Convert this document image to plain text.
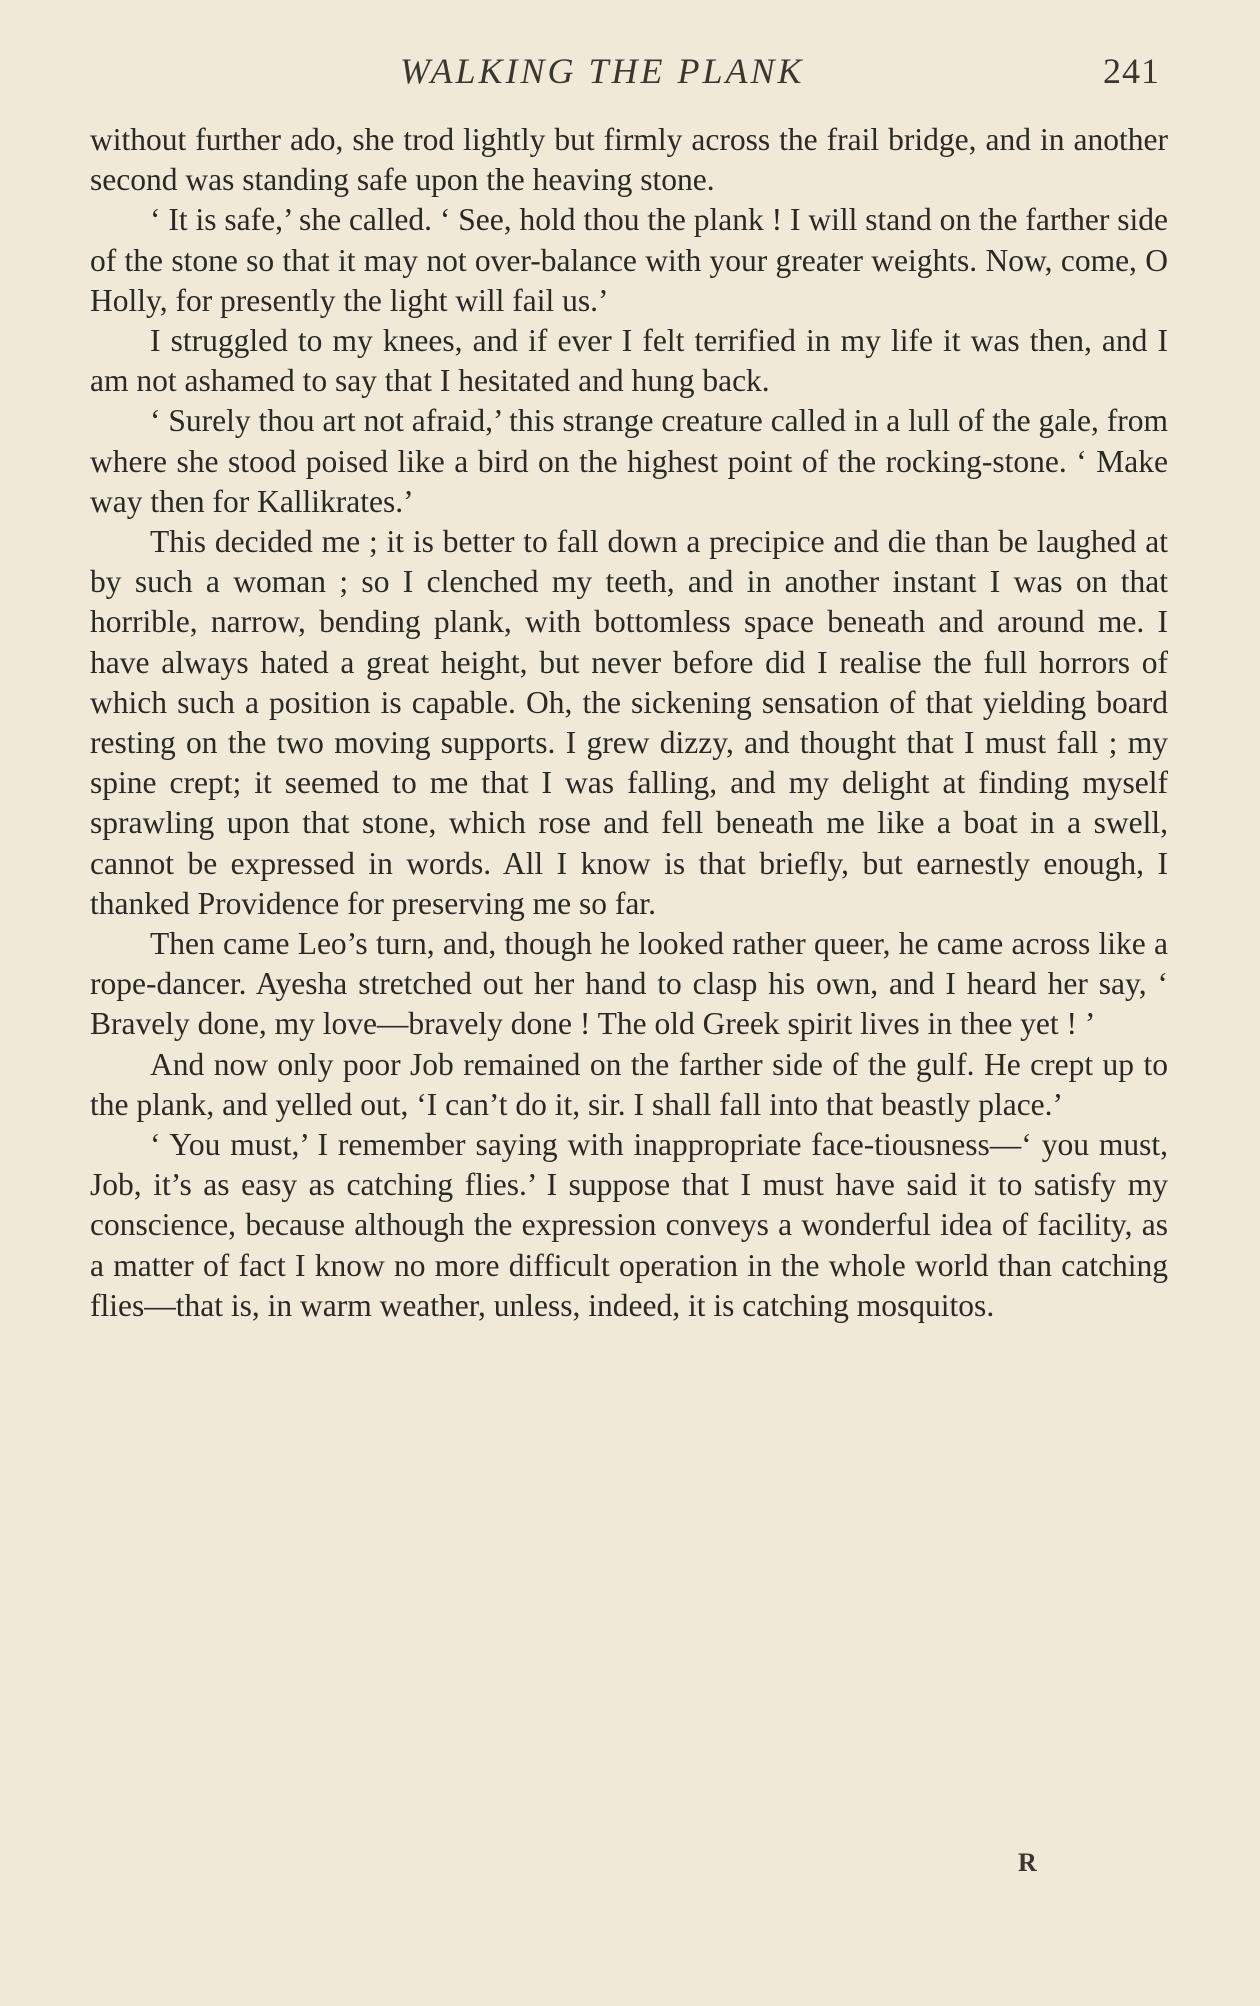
WALKING THE PLANK	241

without further ado, she trod lightly but firmly across the frail bridge, and in another second was standing safe upon the heaving stone.

‘ It is safe,’ she called. ‘ See, hold thou the plank ! I will stand on the farther side of the stone so that it may not over-balance with your greater weights. Now, come, O Holly, for presently the light will fail us.’

I struggled to my knees, and if ever I felt terrified in my life it was then, and I am not ashamed to say that I hesitated and hung back.

‘ Surely thou art not afraid,’ this strange creature called in a lull of the gale, from where she stood poised like a bird on the highest point of the rocking-stone. ‘ Make way then for Kallikrates.’

This decided me ; it is better to fall down a precipice and die than be laughed at by such a woman ; so I clenched my teeth, and in another instant I was on that horrible, narrow, bending plank, with bottomless space beneath and around me. I have always hated a great height, but never before did I realise the full horrors of which such a position is capable. Oh, the sickening sensation of that yielding board resting on the two moving supports. I grew dizzy, and thought that I must fall ; my spine crept; it seemed to me that I was falling, and my delight at finding myself sprawling upon that stone, which rose and fell beneath me like a boat in a swell, cannot be expressed in words. All I know is that briefly, but earnestly enough, I thanked Providence for preserving me so far.

Then came Leo’s turn, and, though he looked rather queer, he came across like a rope-dancer. Ayesha stretched out her hand to clasp his own, and I heard her say, ‘ Bravely done, my love—bravely done ! The old Greek spirit lives in thee yet ! ’

And now only poor Job remained on the farther side of the gulf. He crept up to the plank, and yelled out, ‘I can’t do it, sir. I shall fall into that beastly place.’

‘ You must,’ I remember saying with inappropriate face-tiousness—‘ you must, Job, it’s as easy as catching flies.’ I suppose that I must have said it to satisfy my conscience, because although the expression conveys a wonderful idea of facility, as a matter of fact I know no more difficult operation in the whole world than catching flies—that is, in warm weather, unless, indeed, it is catching mosquitos.

R
